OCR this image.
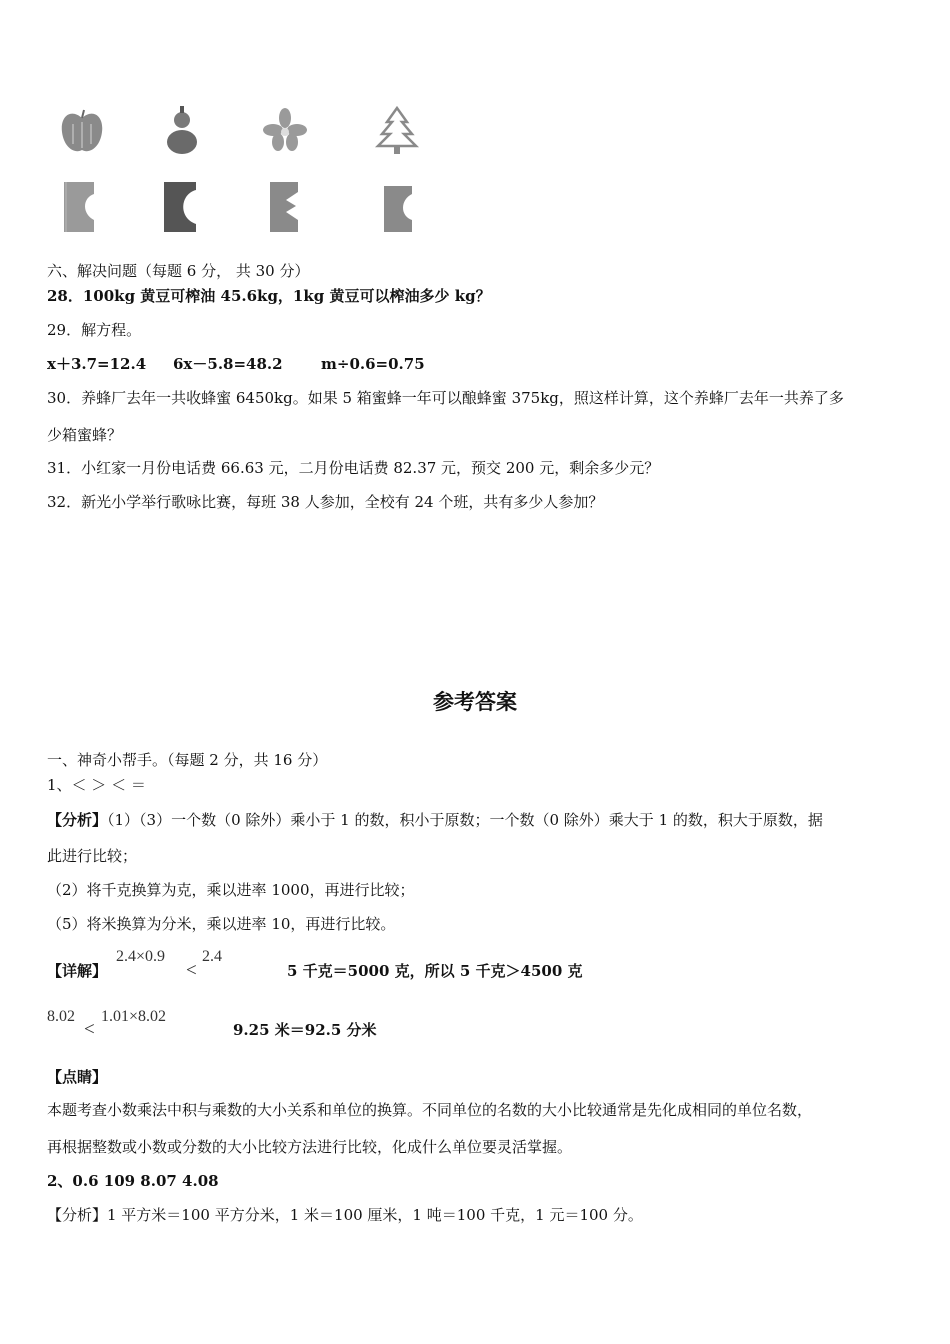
六、解决问题（每题 6 分， 共 30 分）
28．100kg 黄豆可榨油 45.6kg，1kg 黄豆可以榨油多少 kg？
29．解方程。
x＋3.7=12.4 6x－5.8=48.2	m÷0.6=0.75
30．养蜂厂去年一共收蜂蜜 6450kg。如果 5 箱蜜蜂一年可以酿蜂蜜 375kg，照这样计算，这个养蜂厂去年一共养了多
少箱蜜蜂？
31．小红家一月份电话费 66.63 元，二月份电话费 82.37 元，预交 200 元，剩余多少元？
32．新光小学举行歌咏比赛，每班 38 人参加，全校有 24 个班，共有多少人参加？
参考答案
一、神奇小帮手。（每题 2 分，共 16 分）
1、＜ ＞ ＜ ＝
【分析】（1）（3）一个数（0 除外）乘小于 1 的数，积小于原数；一个数（0 除外）乘大于 1 的数，积大于原数，据
此进行比较；
（2）将千克换算为克，乘以进率 1000，再进行比较；
（5）将米换算为分米，乘以进率 10，再进行比较。
【详解】
2.4×0.9
<
2.4
5 千克＝5000 克，所以 5 千克＞4500 克
8.02
<
1.01×8.02
9.25 米＝92.5 分米
【点睛】
本题考查小数乘法中积与乘数的大小关系和单位的换算。不同单位的名数的大小比较通常是先化成相同的单位名数，
再根据整数或小数或分数的大小比较方法进行比较，化成什么单位要灵活掌握。
2、0.6 109 8.07 4.08
【分析】1 平方米＝100 平方分米，1 米＝100 厘米，1 吨＝100 千克，1 元＝100 分。
